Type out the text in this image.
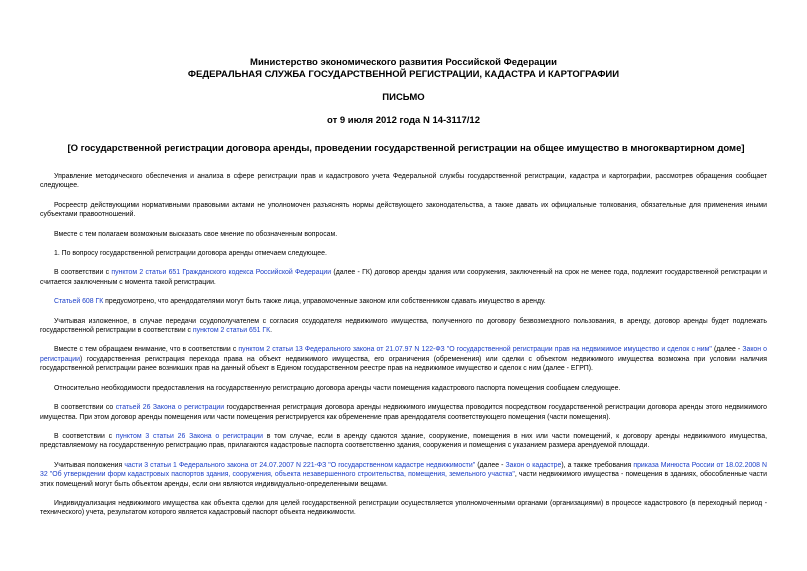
Министерство экономического развития Российской Федерации
ФЕДЕРАЛЬНАЯ СЛУЖБА ГОСУДАРСТВЕННОЙ РЕГИСТРАЦИИ, КАДАСТРА И КАРТОГРАФИИ
ПИСЬМО
от 9 июля 2012 года N 14-3117/12
[О государственной регистрации договора аренды, проведении государственной регистрации на общее имущество в многоквартирном доме]

Управление методического обеспечения и анализа в сфере регистрации прав и кадастрового учета Федеральной службы государственной регистрации, кадастра и картографии, рассмотрев обращения сообщает следующее.

Росреестр действующими нормативными правовыми актами не уполномочен разъяснять нормы действующего законодательства, а также давать их официальные толкования, обязательные для применения иными субъектами правоотношений.

Вместе с тем полагаем возможным высказать свое мнение по обозначенным вопросам.

1. По вопросу государственной регистрации договора аренды отмечаем следующее.

В соответствии с пунктом 2 статьи 651 Гражданского кодекса Российской Федерации (далее - ГК) договор аренды здания или сооружения, заключенный на срок не менее года, подлежит государственной регистрации и считается заключенным с момента такой регистрации.

Статьей 608 ГК предусмотрено, что арендодателями могут быть также лица, управомоченные законом или собственником сдавать имущество в аренду.

Учитывая изложенное, в случае передачи ссудополучателем с согласия ссудодателя недвижимого имущества, полученного по договору безвозмездного пользования, в аренду, договор аренды будет подлежать государственной регистрации в соответствии с пунктом 2 статьи 651 ГК.

Вместе с тем обращаем внимание, что в соответствии с пунктом 2 статьи 13 Федерального закона от 21.07.97 N 122-ФЗ "О государственной регистрации прав на недвижимое имущество и сделок с ним" (далее - Закон о регистрации) государственная регистрация перехода права на объект недвижимого имущества, его ограничения (обременения) или сделки с объектом недвижимого имущества возможна при условии наличия государственной регистрации ранее возникших прав на данный объект в Едином государственном реестре прав на недвижимое имущество и сделок с ним (далее - ЕГРП).

Относительно необходимости предоставления на государственную регистрацию договора аренды части помещения кадастрового паспорта помещения сообщаем следующее.

В соответствии со статьей 26 Закона о регистрации государственная регистрация договора аренды недвижимого имущества проводится посредством государственной регистрации договора аренды этого недвижимого имущества. При этом договор аренды помещения или части помещения регистрируется как обременение прав арендодателя соответствующего помещения (части помещения).

В соответствии с пунктом 3 статьи 26 Закона о регистрации в том случае, если в аренду сдаются здание, сооружение, помещения в них или части помещений, к договору аренды недвижимого имущества, представляемому на государственную регистрацию прав, прилагаются кадастровые паспорта соответственно здания, сооружения и помещения с указанием размера арендуемой площади.

Учитывая положения части 3 статьи 1 Федерального закона от 24.07.2007 N 221-ФЗ "О государственном кадастре недвижимости" (далее - Закон о кадастре), а также требования приказа Минюста России от 18.02.2008 N 32 "Об утверждении форм кадастровых паспортов здания, сооружения, объекта незавершенного строительства, помещения, земельного участка", части недвижимого имущества - помещения в зданиях, обособленные части этих помещений могут быть объектом аренды, если они являются индивидуально-определенными вещами.

Индивидуализация недвижимого имущества как объекта сделки для целей государственной регистрации осуществляется уполномоченными органами (организациями) в процессе кадастрового (в переходный период - технического) учета, результатом которого является кадастровый паспорт объекта недвижимости.
